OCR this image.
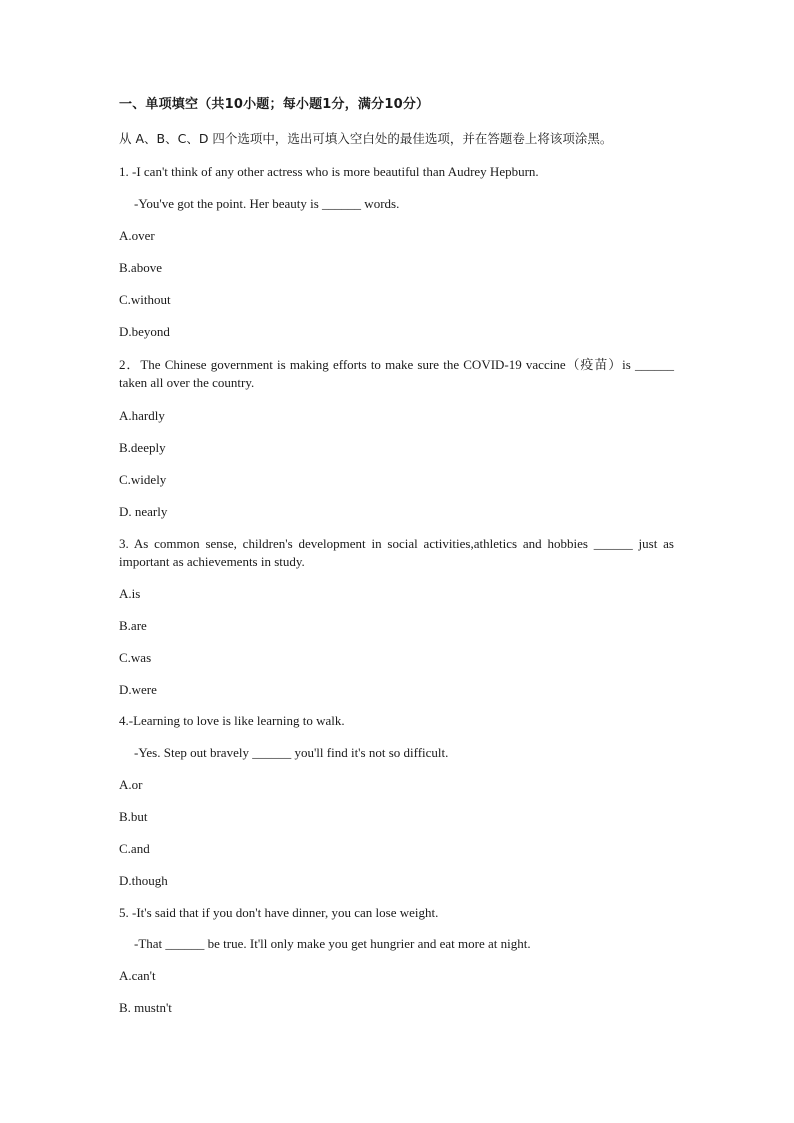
一、单项填空（共10小题；每小题1分，满分10分）
从 A、B、C、D 四个选项中，选出可填入空白处的最佳选项，并在答题卷上将该项涂黑。
1. -I can't think of any other actress who is more beautiful than Audrey Hepburn.
-You've got the point. Her beauty is ______ words.
A.over
B.above
C.without
D.beyond
2．The Chinese government is making efforts to make sure the COVID-19 vaccine（疫苗）is ______ taken all over the country.
A.hardly
B.deeply
C.widely
D. nearly
3. As common sense, children's development in social activities,athletics and hobbies ______ just as important as achievements in study.
A.is
B.are
C.was
D.were
4.-Learning to love is like learning to walk.
-Yes. Step out bravely ______ you'll find it's not so difficult.
A.or
B.but
C.and
D.though
5. -It's said that if you don't have dinner, you can lose weight.
-That ______ be true. It'll only make you get hungrier and eat more at night.
A.can't
B. mustn't
